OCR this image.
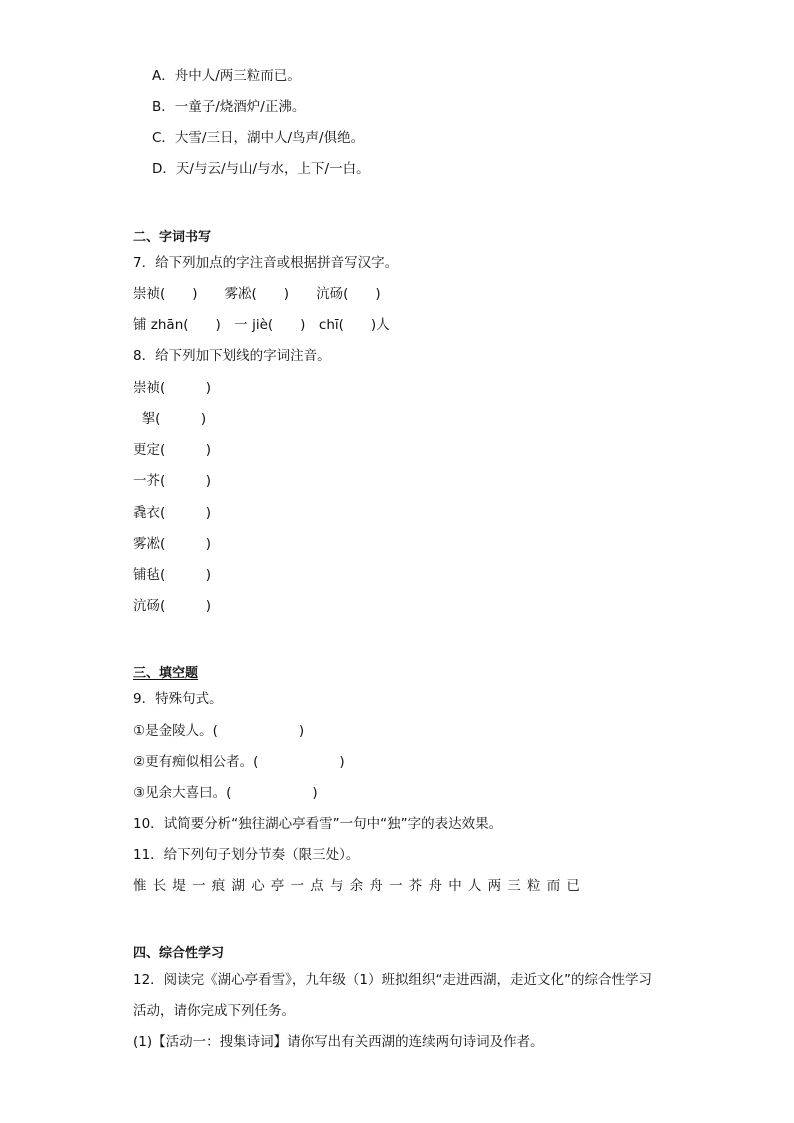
A．舟中人/两三粒而已。
B．一童子/烧酒炉/正沸。
C．大雪/三日，湖中人/鸟声/俱绝。
D．天/与云/与山/与水，上下/一白。
二、字词书写
7．给下列加点的字注音或根据拼音写汉字。
崇祯(　　)　　雾凇(　　)　　沆砀(　　)
铺 zhān(　　)　一 jiè(　　)　chī(　　)人
8．给下列加下划线的字词注音。
崇祯(　　　)
挐(　　　)
更定(　　　)
一芥(　　　)
毳衣(　　　)
雾凇(　　　)
铺毡(　　　)
沆砀(　　　)
三、填空题
9．特殊句式。
①是金陵人。(　　　　　　)
②更有痴似相公者。(　　　　　　)
③见余大喜曰。(　　　　　　)
10．试简要分析“独往湖心亭看雪”一句中“独”字的表达效果。
11．给下列句子划分节奏（限三处）。
惟长堤一痕湖心亭一点与余舟一芥舟中人两三粒而已
四、综合性学习
12．阅读完《湖心亭看雪》，九年级（1）班拟组织“走进西湖，走近文化”的综合性学习
活动，请你完成下列任务。
(1)【活动一：搜集诗词】请你写出有关西湖的连续两句诗词及作者。
